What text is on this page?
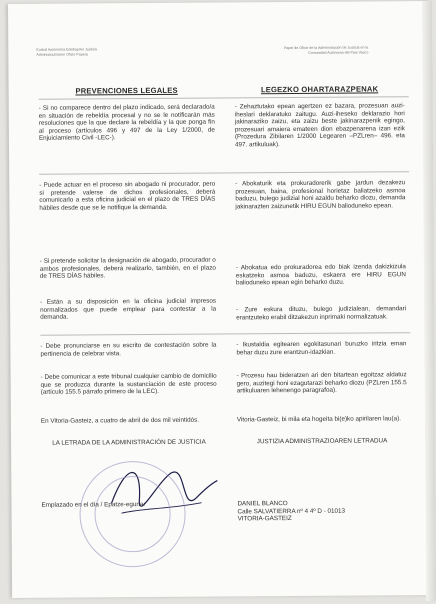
Euskal Autonomia Erkidegoko Justizia
Administrazioaren Ofizio Papera
Papel de Oficio de la Administración de Justicia en la
Comunidad Autónoma del País Vasco
PREVENCIONES LEGALES	LEGEZKO OHARTARAZPENAK
- Si no comparece dentro del plazo indicado, será declarado/a en situación de rebeldía procesal y no se le notificarán más resoluciones que la que declare la rebeldía y la que ponga fin al proceso (artículos 496 y 497 de la Ley 1/2000, de Enjuiciamiento Civil -LEC-).
- Zehaztutako epean agertzen ez bazara, prozesuan auzi-iheslari deklaratuko zaitugu. Auzi-iheseko deklarazio hori jakinaraziko zaizu, eta zaizu beste jakinarazpenik egingo, prozesuari amaiera emateen dion ebazpenarena izan ezik (Prozedura Zibilaren 1/2000 Legearen –PZLren– 496. eta 497. artikuluak).
- Puede actuar en el proceso sin abogado ni procurador, pero si pretende valerse de dichos profesionales, deberá comunicarlo a esta oficina judicial en el plazo de TRES DÍAS hábiles desde que se le notifique la demanda.
- Abokaturik eta prokuradorerik gabe jardun dezakezu prozesuan, baina, profesional horietaz baliatzeko asmoa baduzu, bulego judizial honi azaldu beharko diozu, demanda jakinarazten zaizunetik HIRU EGUN balioduneko epean.
- Si pretende solicitar la designación de abogado, procurador o ambos profesionales, deberá realizarlo, también, en el plazo de TRES DÍAS hábiles.
- Abokatua edo prokuradorea edo biak izenda dakizkizula eskatzeko asmoa baduzu, eskaera ere HIRU EGUN balioduneko epean egin beharko duzu.
- Están a su disposición en la oficina judicial impresos normalizados que puede emplear para contestar a la demanda.
- Zure eskura dituzu, bulego judizialean, demandari erantzuteko erabil ditzakezun inprimaki normalizatuak.
- Debe pronunciarse en su escrito de contestación sobre la pertinencia de celebrar vista.
- Ikustaldia egitearen egokitasunari buruzko iritzia eman behar duzu zure erantzun-idazkian.
- Debe comunicar a este tribunal cualquier cambio de domicilio que se produzca durante la sustanciación de este proceso (artículo 155.5 párrafo primero de la LEC).
- Prozesu hau bideratzen ari den bitartean egoitzaz aldatuz gero, auzitegi honi ezagutarazi beharko diozu (PZLren 155.5 artikuluaren lehenengo paragrafoa).
En Vitoria-Gasteiz, a cuatro de abril de dos mil veintidós.	Vitoria-Gasteiz, bi mila eta hogeita bi(e)ko apirilaren lau(a).
LA LETRADA DE LA ADMINISTRACIÓN DE JUSTICIA	JUSTIZIA ADMINISTRAZIOAREN LETRADUA
Emplazado en el día / Epatze-eguna:	DANIEL BLANCO
Calle SALVATIERRA nº 4 4º D - 01013
VITORIA-GASTEIZ
